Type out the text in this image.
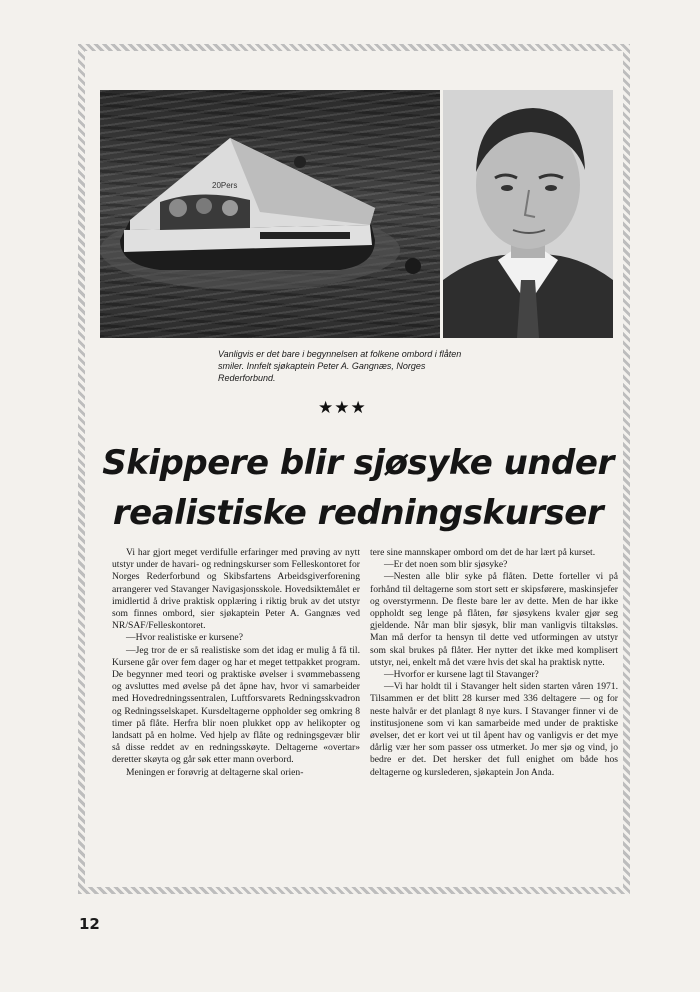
20Pers
Vanligvis er det bare i begynnelsen at folkene ombord i flåten smiler. Innfelt sjøkaptein Peter A. Gangnæs, Norges Rederforbund.
★★★
Skippere blir sjøsyke under
realistiske redningskurser

Vi har gjort meget verdifulle erfaringer med prøving av nytt utstyr under de havari- og redningskurser som Felleskontoret for Norges Rederforbund og Skibsfartens Arbeidsgiverforening arrangerer ved Stavanger Navigasjonsskole. Hovedsiktemålet er imidlertid å drive praktisk opplæring i riktig bruk av det utstyr som finnes ombord, sier sjøkaptein Peter A. Gangnæs ved NR/SAF/Felleskontoret.

—Hvor realistiske er kursene?

—Jeg tror de er så realistiske som det idag er mulig å få til. Kursene går over fem dager og har et meget tettpakket program. De begynner med teori og praktiske øvelser i svømmebasseng og avsluttes med øvelse på det åpne hav, hvor vi samarbeider med Hovedredningssentralen, Luftforsvarets Redningsskvadron og Redningsselskapet. Kursdeltagerne oppholder seg omkring 8 timer på flåte. Herfra blir noen plukket opp av helikopter og landsatt på en holme. Ved hjelp av flåte og redningsgevær blir så disse reddet av en redningsskøyte. Deltagerne «overtar» deretter skøyta og går søk etter mann overbord.

Meningen er forøvrig at deltagerne skal orien-

tere sine mannskaper ombord om det de har lært på kurset.

—Er det noen som blir sjøsyke?

—Nesten alle blir syke på flåten. Dette forteller vi på forhånd til deltagerne som stort sett er skipsførere, maskinsjefer og overstyrmenn. De fleste bare ler av dette. Men de har ikke oppholdt seg lenge på flåten, før sjøsykens kvaler gjør seg gjeldende. Når man blir sjøsyk, blir man vanligvis tiltaksløs. Man må derfor ta hensyn til dette ved utformingen av utstyr som skal brukes på flåter. Her nytter det ikke med komplisert utstyr, nei, enkelt må det være hvis det skal ha praktisk nytte.

—Hvorfor er kursene lagt til Stavanger?

—Vi har holdt til i Stavanger helt siden starten våren 1971. Tilsammen er det blitt 28 kurser med 336 deltagere — og for neste halvår er det planlagt 8 nye kurs. I Stavanger finner vi de institusjonene som vi kan samarbeide med under de praktiske øvelser, det er kort vei ut til åpent hav og vanligvis er det mye dårlig vær her som passer oss utmerket. Jo mer sjø og vind, jo bedre er det. Det hersker det full enighet om både hos deltagerne og kurslederen, sjøkaptein Jon Anda.

12
